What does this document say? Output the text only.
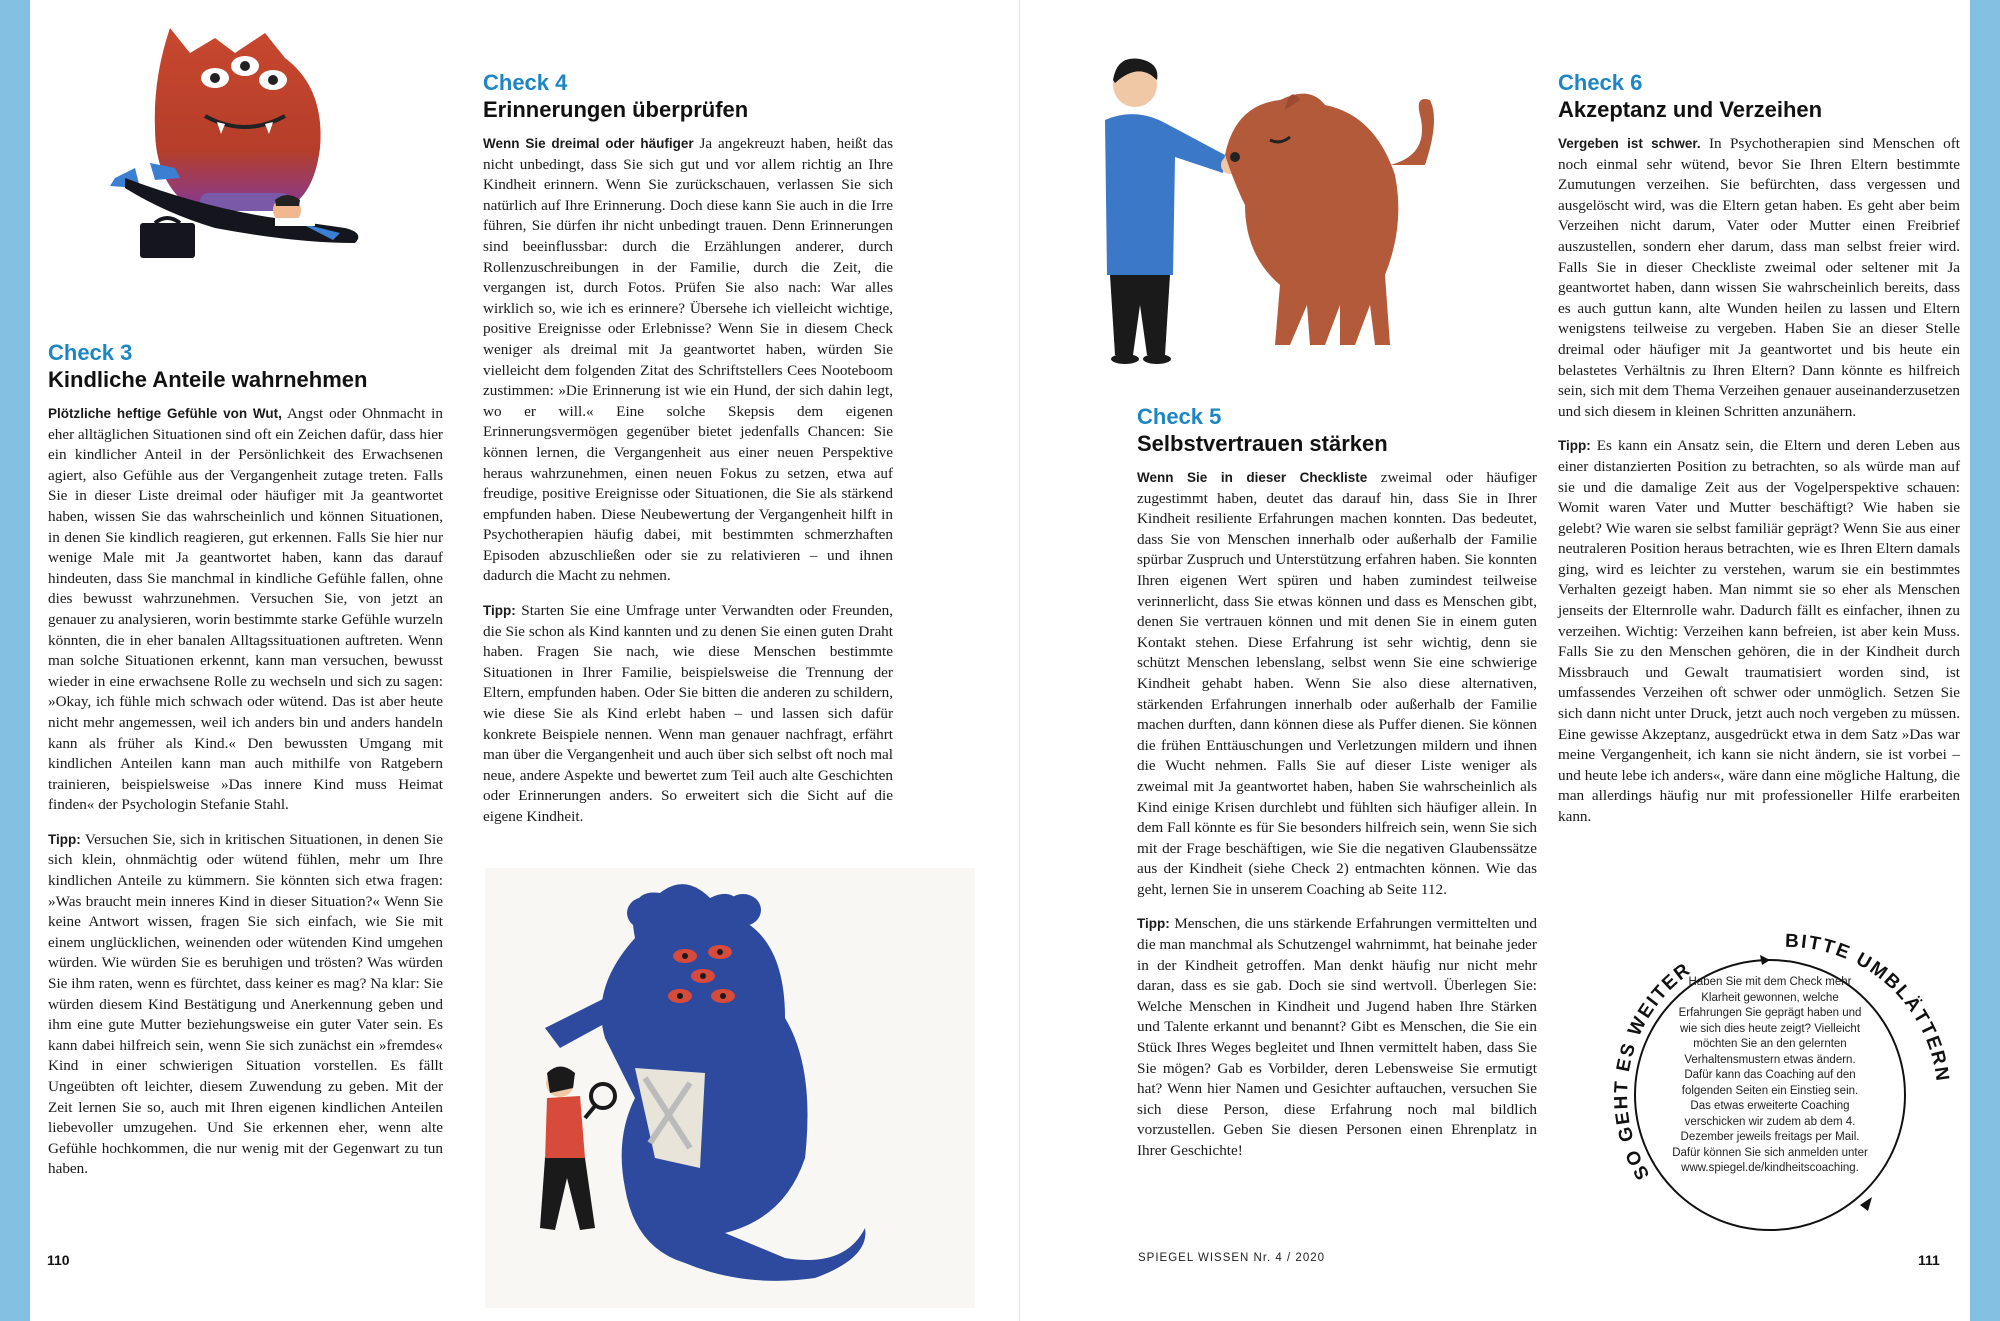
Check 3
Kindliche Anteile wahrnehmen

Plötzliche heftige Gefühle von Wut, Angst oder Ohnmacht in eher alltäglichen Situationen sind oft ein Zeichen dafür, dass hier ein kindlicher Anteil in der Persönlichkeit des Erwachsenen agiert, also Gefühle aus der Vergangenheit zutage treten. Falls Sie in dieser Liste dreimal oder häufiger mit Ja geantwortet haben, wissen Sie das wahrscheinlich und können Situationen, in denen Sie kindlich reagieren, gut erkennen. Falls Sie hier nur wenige Male mit Ja geantwortet haben, kann das darauf hindeuten, dass Sie manchmal in kindliche Gefühle fallen, ohne dies bewusst wahrzunehmen. Versuchen Sie, von jetzt an genauer zu analysieren, worin bestimmte starke Gefühle wurzeln könnten, die in eher banalen Alltagssituationen auftreten. Wenn man solche Situationen erkennt, kann man versuchen, bewusst wieder in eine erwachsene Rolle zu wechseln und sich zu sagen: »Okay, ich fühle mich schwach oder wütend. Das ist aber heute nicht mehr angemessen, weil ich anders bin und anders handeln kann als früher als Kind.« Den bewussten Umgang mit kindlichen Anteilen kann man auch mithilfe von Ratgebern trainieren, beispielsweise »Das innere Kind muss Heimat finden« der Psychologin Stefanie Stahl.

Tipp: Versuchen Sie, sich in kritischen Situationen, in denen Sie sich klein, ohnmächtig oder wütend fühlen, mehr um Ihre kindlichen Anteile zu kümmern. Sie könnten sich etwa fragen: »Was braucht mein inneres Kind in dieser Situation?« Wenn Sie keine Antwort wissen, fragen Sie sich einfach, wie Sie mit einem unglücklichen, weinenden oder wütenden Kind umgehen würden. Wie würden Sie es beruhigen und trösten? Was würden Sie ihm raten, wenn es fürchtet, dass keiner es mag? Na klar: Sie würden diesem Kind Bestätigung und Anerkennung geben und ihm eine gute Mutter beziehungsweise ein guter Vater sein. Es kann dabei hilfreich sein, wenn Sie sich zunächst ein »fremdes« Kind in einer schwierigen Situation vorstellen. Es fällt Ungeübten oft leichter, diesem Zuwendung zu geben. Mit der Zeit lernen Sie so, auch mit Ihren eigenen kindlichen Anteilen liebevoller umzugehen. Und Sie erkennen eher, wenn alte Gefühle hochkommen, die nur wenig mit der Gegenwart zu tun haben.

Check 4
Erinnerungen überprüfen

Wenn Sie dreimal oder häufiger Ja angekreuzt haben, heißt das nicht unbedingt, dass Sie sich gut und vor allem richtig an Ihre Kindheit erinnern. Wenn Sie zurückschauen, verlassen Sie sich natürlich auf Ihre Erinnerung. Doch diese kann Sie auch in die Irre führen, Sie dürfen ihr nicht unbedingt trauen. Denn Erinnerungen sind beeinflussbar: durch die Erzählungen anderer, durch Rollenzuschreibungen in der Familie, durch die Zeit, die vergangen ist, durch Fotos. Prüfen Sie also nach: War alles wirklich so, wie ich es erinnere? Übersehe ich vielleicht wichtige, positive Ereignisse oder Erlebnisse? Wenn Sie in diesem Check weniger als dreimal mit Ja geantwortet haben, würden Sie vielleicht dem folgenden Zitat des Schriftstellers Cees Nooteboom zustimmen: »Die Erinnerung ist wie ein Hund, der sich dahin legt, wo er will.« Eine solche Skepsis dem eigenen Erinnerungsvermögen gegenüber bietet jedenfalls Chancen: Sie können lernen, die Vergangenheit aus einer neuen Perspektive heraus wahrzunehmen, einen neuen Fokus zu setzen, etwa auf freudige, positive Ereignisse oder Situationen, die Sie als stärkend empfunden haben. Diese Neubewertung der Vergangenheit hilft in Psychotherapien häufig dabei, mit bestimmten schmerzhaften Episoden abzuschließen oder sie zu relativieren – und ihnen dadurch die Macht zu nehmen.

Tipp: Starten Sie eine Umfrage unter Verwandten oder Freunden, die Sie schon als Kind kannten und zu denen Sie einen guten Draht haben. Fragen Sie nach, wie diese Menschen bestimmte Situationen in Ihrer Familie, beispielsweise die Trennung der Eltern, empfunden haben. Oder Sie bitten die anderen zu schildern, wie diese Sie als Kind erlebt haben – und lassen sich dafür konkrete Beispiele nennen. Wenn man genauer nachfragt, erfährt man über die Vergangenheit und auch über sich selbst oft noch mal neue, andere Aspekte und bewertet zum Teil auch alte Geschichten oder Erinnerungen anders. So erweitert sich die Sicht auf die eigene Kindheit.

110
Check 5
Selbstvertrauen stärken

Wenn Sie in dieser Checkliste zweimal oder häufiger zugestimmt haben, deutet das darauf hin, dass Sie in Ihrer Kindheit resiliente Erfahrungen machen konnten. Das bedeutet, dass Sie von Menschen innerhalb oder außerhalb der Familie spürbar Zuspruch und Unterstützung erfahren haben. Sie konnten Ihren eigenen Wert spüren und haben zumindest teilweise verinnerlicht, dass Sie etwas können und dass es Menschen gibt, denen Sie vertrauen können und mit denen Sie in einem guten Kontakt stehen. Diese Erfahrung ist sehr wichtig, denn sie schützt Menschen lebenslang, selbst wenn Sie eine schwierige Kindheit gehabt haben. Wenn Sie also diese alternativen, stärkenden Erfahrungen innerhalb oder außerhalb der Familie machen durften, dann können diese als Puffer dienen. Sie können die frühen Enttäuschungen und Verletzungen mildern und ihnen die Wucht nehmen. Falls Sie auf dieser Liste weniger als zweimal mit Ja geantwortet haben, haben Sie wahrscheinlich als Kind einige Krisen durchlebt und fühlten sich häufiger allein. In dem Fall könnte es für Sie besonders hilfreich sein, wenn Sie sich mit der Frage beschäftigen, wie Sie die negativen Glaubenssätze aus der Kindheit (siehe Check 2) entmachten können. Wie das geht, lernen Sie in unserem Coaching ab Seite 112.

Tipp: Menschen, die uns stärkende Erfahrungen vermittelten und die man manchmal als Schutzengel wahrnimmt, hat beinahe jeder in der Kindheit getroffen. Man denkt häufig nur nicht mehr daran, dass es sie gab. Doch sie sind wertvoll. Überlegen Sie: Welche Menschen in Kindheit und Jugend haben Ihre Stärken und Talente erkannt und benannt? Gibt es Menschen, die Sie ein Stück Ihres Weges begleitet und Ihnen vermittelt haben, dass Sie Sie mögen? Gab es Vorbilder, deren Lebensweise Sie ermutigt hat? Wenn hier Namen und Gesichter auftauchen, versuchen Sie sich diese Person, diese Erfahrung noch mal bildlich vorzustellen. Geben Sie diesen Personen einen Ehrenplatz in Ihrer Geschichte!

Check 6
Akzeptanz und Verzeihen

Vergeben ist schwer. In Psychotherapien sind Menschen oft noch einmal sehr wütend, bevor Sie Ihren Eltern bestimmte Zumutungen verzeihen. Sie befürchten, dass vergessen und ausgelöscht wird, was die Eltern getan haben. Es geht aber beim Verzeihen nicht darum, Vater oder Mutter einen Freibrief auszustellen, sondern eher darum, dass man selbst freier wird. Falls Sie in dieser Checkliste zweimal oder seltener mit Ja geantwortet haben, dann wissen Sie wahrscheinlich bereits, dass es auch guttun kann, alte Wunden heilen zu lassen und Eltern wenigstens teilweise zu vergeben. Haben Sie an dieser Stelle dreimal oder häufiger mit Ja geantwortet und bis heute ein belastetes Verhältnis zu Ihren Eltern? Dann könnte es hilfreich sein, sich mit dem Thema Verzeihen genauer auseinanderzusetzen und sich diesem in kleinen Schritten anzunähern.

Tipp: Es kann ein Ansatz sein, die Eltern und deren Leben aus einer distanzierten Position zu betrachten, so als würde man auf sie und die damalige Zeit aus der Vogelperspektive schauen: Womit waren Vater und Mutter beschäftigt? Wie haben sie gelebt? Wie waren sie selbst familiär geprägt? Wenn Sie aus einer neutraleren Position heraus betrachten, wie es Ihren Eltern damals ging, wird es leichter zu verstehen, warum sie ein bestimmtes Verhalten gezeigt haben. Man nimmt sie so eher als Menschen jenseits der Elternrolle wahr. Dadurch fällt es einfacher, ihnen zu verzeihen. Wichtig: Verzeihen kann befreien, ist aber kein Muss. Falls Sie zu den Menschen gehören, die in der Kindheit durch Missbrauch und Gewalt traumatisiert worden sind, ist umfassendes Verzeihen oft schwer oder unmöglich. Setzen Sie sich dann nicht unter Druck, jetzt auch noch vergeben zu müssen. Eine gewisse Akzeptanz, ausgedrückt etwa in dem Satz »Das war meine Vergangenheit, ich kann sie nicht ändern, sie ist vorbei – und heute lebe ich anders«, wäre dann eine mögliche Haltung, die man allerdings häufig nur mit professioneller Hilfe erarbeiten kann.

SO GEHT ES WEITER
BITTE UMBLÄTTERN
Haben Sie mit dem Check mehr Klarheit gewonnen, welche Erfahrungen Sie geprägt haben und wie sich dies heute zeigt? Vielleicht möchten Sie an den gelernten Verhaltensmustern etwas ändern. Dafür kann das Coaching auf den folgenden Seiten ein Einstieg sein. Das etwas erweiterte Coaching verschicken wir zudem ab dem 4. Dezember jeweils freitags per Mail. Dafür können Sie sich anmelden unter www.spiegel.de/kindheitscoaching.
SPIEGEL WISSEN Nr. 4 / 2020	111
